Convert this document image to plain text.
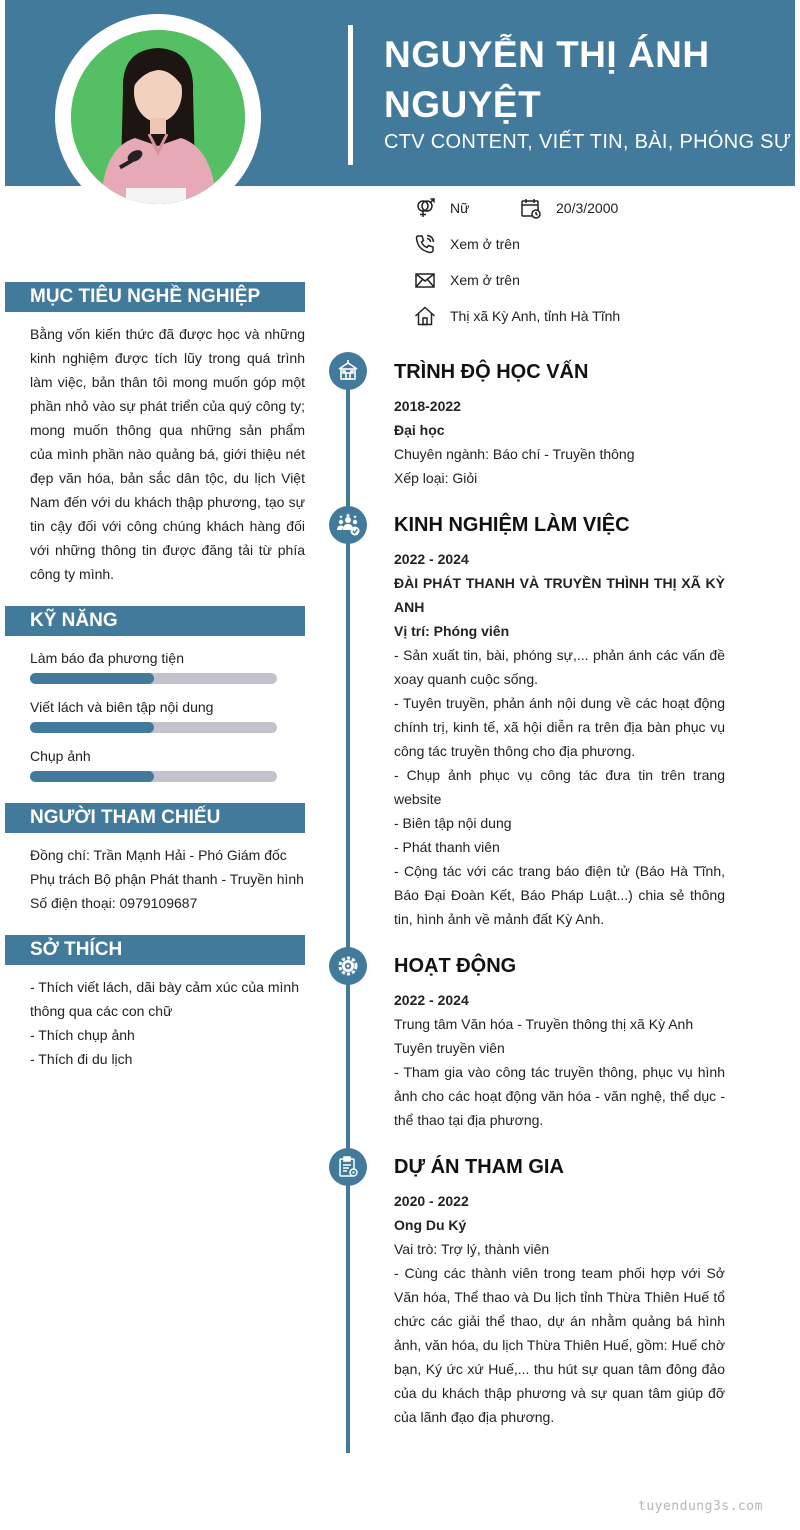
NGUYỄN THỊ ÁNH
NGUYỆT
CTV CONTENT, VIẾT TIN, BÀI, PHÓNG SỰ
Nữ	20/3/2000
Xem ở trên
Xem ở trên
Thị xã Kỳ Anh, tỉnh Hà Tĩnh
MỤC TIÊU NGHỀ NGHIỆP
Bằng vốn kiến thức đã được học và những kinh nghiệm được tích lũy trong quá trình làm việc, bản thân tôi mong muốn góp một phần nhỏ vào sự phát triển của quý công ty; mong muốn thông qua những sản phẩm của mình phần nào quảng bá, giới thiệu nét đẹp văn hóa, bản sắc dân tộc, du lịch Việt Nam đến với du khách thập phương, tạo sự tin cậy đối với công chúng khách hàng đối với những thông tin được đăng tải từ phía công ty mình.
KỸ NĂNG
Làm báo đa phương tiện
Viết lách và biên tập nội dung
Chụp ảnh
NGƯỜI THAM CHIẾU
Đồng chí: Trần Mạnh Hải - Phó Giám đốc
Phụ trách Bộ phận Phát thanh - Truyền hình
Số điện thoại: 0979109687
SỞ THÍCH
- Thích viết lách, dãi bày cảm xúc của mình thông qua các con chữ
- Thích chụp ảnh
- Thích đi du lịch
TRÌNH ĐỘ HỌC VẤN
2018-2022
Đại học
Chuyên ngành: Báo chí - Truyền thông
Xếp loại: Giỏi
KINH NGHIỆM LÀM VIỆC
2022 - 2024
ĐÀI PHÁT THANH VÀ TRUYỀN THÌNH THỊ XÃ KỲ ANH
Vị trí: Phóng viên
- Sản xuất tin, bài, phóng sự,... phản ánh các vấn đề xoay quanh cuộc sống.
- Tuyên truyền, phản ánh nội dung về các hoạt động chính trị, kinh tế, xã hội diễn ra trên địa bàn phục vụ công tác truyền thông cho địa phương.
- Chụp ảnh phục vụ công tác đưa tin trên trang website
- Biên tập nội dung
- Phát thanh viên
- Cộng tác với các trang báo điện tử (Báo Hà Tĩnh, Báo Đại Đoàn Kết, Báo Pháp Luật...) chia sẻ thông tin, hình ảnh về mảnh đất Kỳ Anh.
HOẠT ĐỘNG
2022 - 2024
Trung tâm Văn hóa - Truyền thông thị xã Kỳ Anh
Tuyên truyền viên
- Tham gia vào công tác truyền thông, phục vụ hình ảnh cho các hoạt động văn hóa - văn nghệ, thể dục - thể thao tại địa phương.
DỰ ÁN THAM GIA
2020 - 2022
Ong Du Ký
Vai trò: Trợ lý, thành viên
- Cùng các thành viên trong team phối hợp với Sở Văn hóa, Thể thao và Du lịch tỉnh Thừa Thiên Huế tổ chức các giải thể thao, dự án nhằm quảng bá hình ảnh, văn hóa, du lịch Thừa Thiên Huế, gồm: Huế chờ bạn, Ký ức xứ Huế,... thu hút sự quan tâm đông đảo của du khách thập phương và sự quan tâm giúp đỡ của lãnh đạo địa phương.
tuyendung3s.com
